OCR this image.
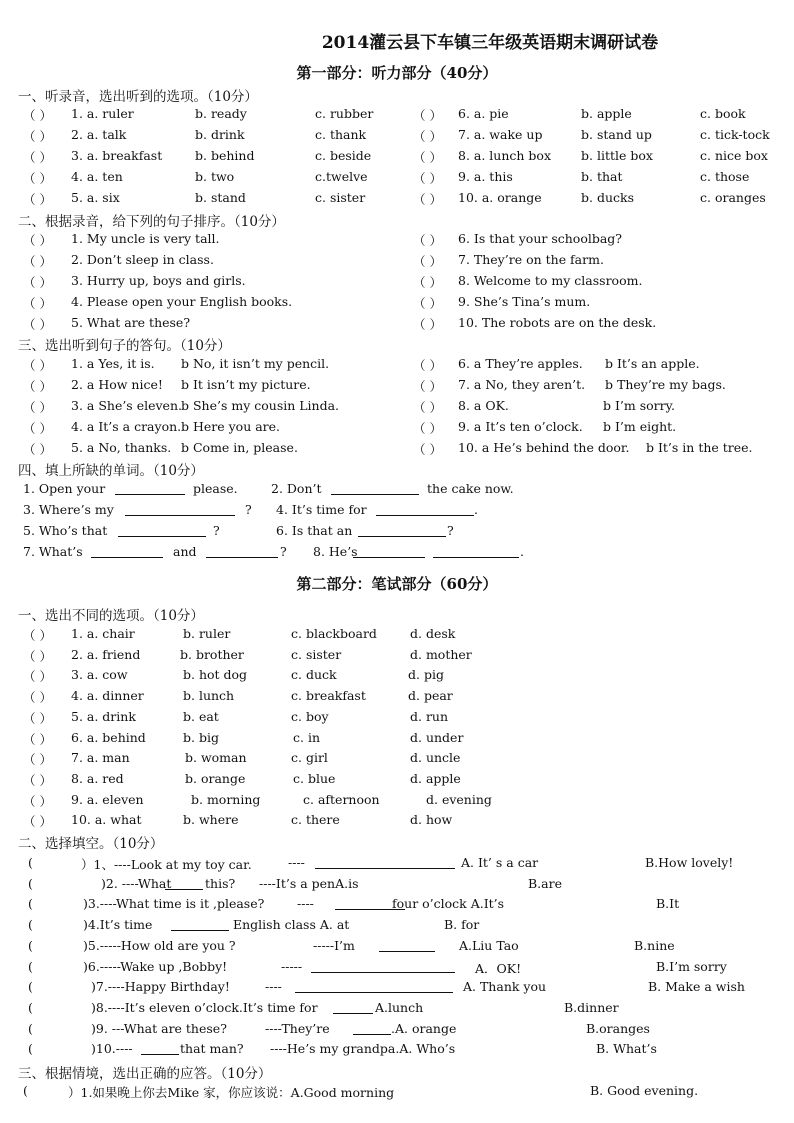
2014灌云县下车镇三年级英语期末调研试卷
第一部分：听力部分（40分）
一、听录音，选出听到的选项。（10分）
（ ） 1. a. ruler	b. ready	c. rubber
（ ） 2. a. talk	b. drink	c. thank
（ ） 3. a. breakfast	b. behind	c. beside
（ ） 4. a. ten	b. two	c.twelve
（ ） 5. a. six	b. stand	c. sister
（ ） 6. a. pie	b. apple	c. book
（ ） 7. a. wake up	b. stand up	c. tick-tock
（ ） 8. a. lunch box b. little box	c. nice box
（ ） 9. a. this	b. that	c. those
（ ） 10. a. orange	b. ducks	c. oranges
二、根据录音，给下列的句子排序。（10分）
（ ） 1. My uncle is very tall.
（ ） 2. Don’t sleep in class.
（ ） 3. Hurry up, boys and girls.
（ ） 4. Please open your English books.
（ ） 5. What are these?
（ ） 6. Is that your schoolbag?
（ ） 7. They’re on the farm.
（ ） 8. Welcome to my classroom.
（ ） 9. She’s Tina’s mum.
（ ） 10. The robots are on the desk.
三、选出听到句子的答句。（10分）
（ ） 1. a Yes, it is. b No, it isn’t my pencil.
（ ） 2. a How nice! b It isn’t my picture.
（ ） 3. a She’s eleven. b She’s my cousin Linda.
（ ） 4. a It’s a crayon. b Here you are.
（ ） 5. a No, thanks. b Come in, please.
（ ） 6. a They’re apples. b It’s an apple.
（ ） 7. a No, they aren’t. b They’re my bags.
（ ） 8. a OK.	b I’m sorry.
（ ） 9. a It’s ten o’clock. b I’m eight.
（ ） 10. a He’s behind the door. b It’s in the tree.
四、填上所缺的单词。（10分）
1. Open your	please.	2. Don’t	the cake now.
3. Where’s my	? 4. It’s time for	.
5. Who’s that	?	6. Is that an	?
7. What’s	and	? 8. He’s	.
第二部分：笔试部分（60分）
一、选出不同的选项。（10分）
（ ） 1. a. chair	b. ruler	c. blackboard	d. desk
（ ） 2. a. friend	b. brother	c. sister	d. mother
（ ） 3. a. cow	b. hot dog	c. duck	d. pig
（ ） 4. a. dinner	b. lunch	c. breakfast	d. pear
（ ） 5. a. drink	b. eat	c. boy	d. run
（ ） 6. a. behind	b. big	c. in	d. under
（ ） 7. a. man	b. woman	c. girl	d. uncle
（ ） 8. a. red	b. orange	c. blue	d. apple
（ ） 9. a. eleven	b. morning	c. afternoon	d. evening
（ ） 10. a. what	b. where	c. there	d. how
二、选择填空。（10分）
(	）1、----Look at my toy car.	----	A. It’ s a car	B.How lovely!
(	)2. ----What	this? ----It’s a penA.is	B.are
(	)3.----What time is it ,please?	----	four o’clock A.It’s	B.It
(	)4.It’s time	English class A. at	B. for
(	)5.-----How old are you ?	-----I’m	A.Liu Tao	B.nine
(	)6.-----Wake up ,Bobby!	-----	A．OK!	B.I’m sorry
(	)7.----Happy Birthday!	----	A. Thank you	B. Make a wish
(	)8.----It’s eleven o’clock.It’s time for	A.lunch	B.dinner
(	)9. ---What are these?	----They’re	.A. orange	B.oranges
(	)10.----	that man? ----He’s my grandpa.A. Who’s	B. What’s
三、根据情境，选出正确的应答。（10分）
(	）1.如果晚上你去Mike 家，你应该说：A.Good morning	B. Good evening.
